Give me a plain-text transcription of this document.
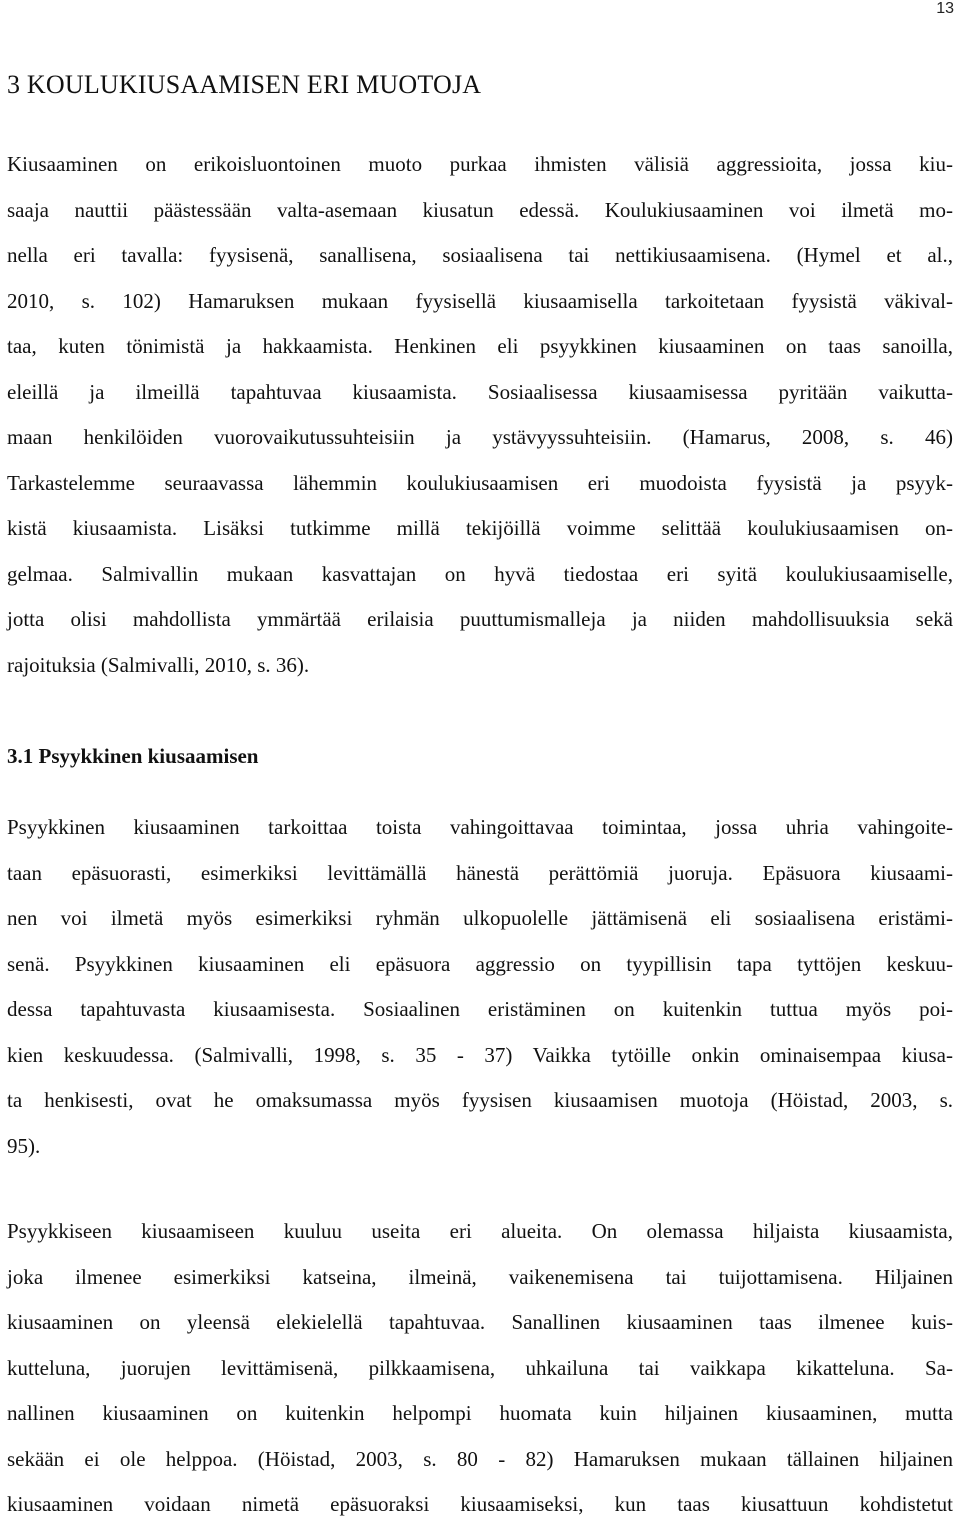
13
3 KOULUKIUSAAMISEN ERI MUOTOJA
Kiusaaminen on erikoisluontoinen muoto purkaa ihmisten välisiä aggressioita, jossa kiu-
saaja nauttii päästessään valta-asemaan kiusatun edessä. Koulukiusaaminen voi ilmetä mo-
nella eri tavalla: fyysisenä, sanallisena, sosiaalisena tai nettikiusaamisena. (Hymel et al.,
2010, s. 102) Hamaruksen mukaan fyysisellä kiusaamisella tarkoitetaan fyysistä väkival-
taa, kuten tönimistä ja hakkaamista. Henkinen eli psyykkinen kiusaaminen on taas sanoilla,
eleillä ja ilmeillä tapahtuvaa kiusaamista. Sosiaalisessa kiusaamisessa pyritään vaikutta-
maan henkilöiden vuorovaikutussuhteisiin ja ystävyyssuhteisiin. (Hamarus, 2008, s. 46)
Tarkastelemme seuraavassa lähemmin koulukiusaamisen eri muodoista fyysistä ja psyyk-
kistä kiusaamista. Lisäksi tutkimme millä tekijöillä voimme selittää koulukiusaamisen on-
gelmaa. Salmivallin mukaan kasvattajan on hyvä tiedostaa eri syitä koulukiusaamiselle,
jotta olisi mahdollista ymmärtää erilaisia puuttumismalleja ja niiden mahdollisuuksia sekä
rajoituksia (Salmivalli, 2010, s. 36).
3.1 Psyykkinen kiusaamisen
Psyykkinen kiusaaminen tarkoittaa toista vahingoittavaa toimintaa, jossa uhria vahingoite-
taan epäsuorasti, esimerkiksi levittämällä hänestä perättömiä juoruja. Epäsuora kiusaami-
nen voi ilmetä myös esimerkiksi ryhmän ulkopuolelle jättämisenä eli sosiaalisena eristämi-
senä. Psyykkinen kiusaaminen eli epäsuora aggressio on tyypillisin tapa tyttöjen keskuu-
dessa tapahtuvasta kiusaamisesta. Sosiaalinen eristäminen on kuitenkin tuttua myös poi-
kien keskuudessa. (Salmivalli, 1998, s. 35 - 37) Vaikka tytöille onkin ominaisempaa kiusa-
ta henkisesti, ovat he omaksumassa myös fyysisen kiusaamisen muotoja (Höistad, 2003, s.
95).
Psyykkiseen kiusaamiseen kuuluu useita eri alueita. On olemassa hiljaista kiusaamista,
joka ilmenee esimerkiksi katseina, ilmeinä, vaikenemisena tai tuijottamisena. Hiljainen
kiusaaminen on yleensä elekielellä tapahtuvaa. Sanallinen kiusaaminen taas ilmenee kuis-
kutteluna, juorujen levittämisenä, pilkkaamisena, uhkailuna tai vaikkapa kikatteluna. Sa-
nallinen kiusaaminen on kuitenkin helpompi huomata kuin hiljainen kiusaaminen, mutta
sekään ei ole helppoa. (Höistad, 2003, s. 80 - 82) Hamaruksen mukaan tällainen hiljainen
kiusaaminen voidaan nimetä epäsuoraksi kiusaamiseksi, kun taas kiusattuun kohdistetut
